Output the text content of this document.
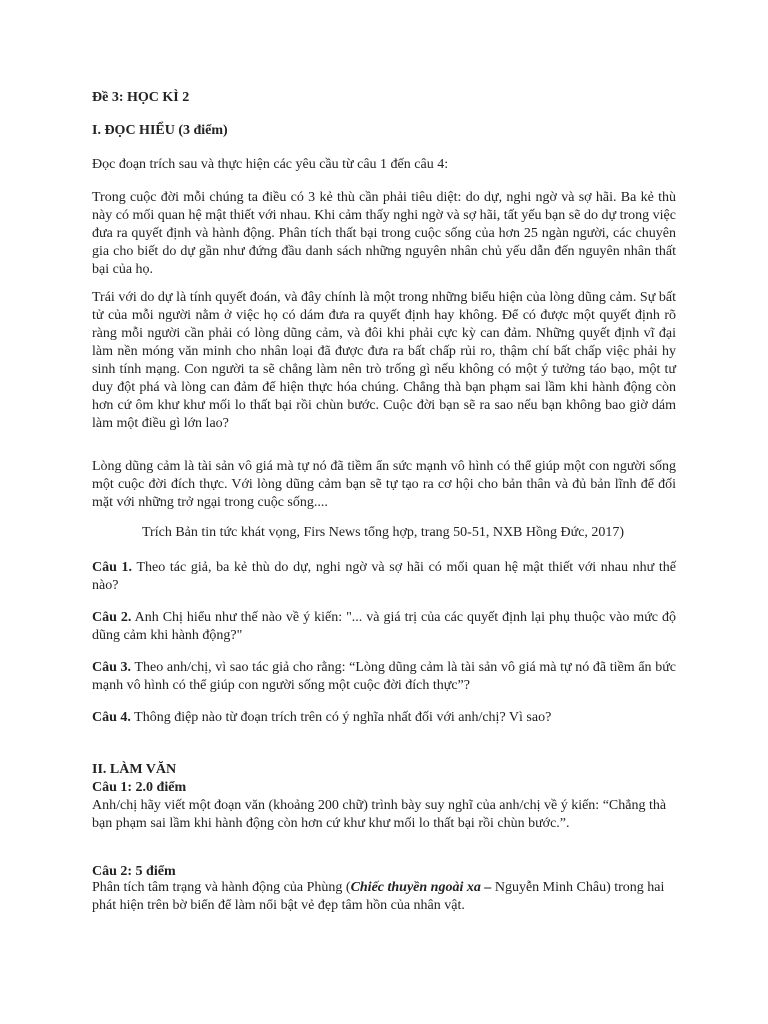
Đề 3: HỌC KÌ 2

I. ĐỌC HIỂU (3 điểm)

Đọc đoạn trích sau và thực hiện các yêu cầu từ câu 1 đến câu 4:

Trong cuộc đời mỗi chúng ta điều có 3 kẻ thù cần phải tiêu diệt: do dự, nghi ngờ và sợ hãi. Ba kẻ thù này có mối quan hệ mật thiết với nhau. Khi cảm thấy nghi ngờ và sợ hãi, tất yếu bạn sẽ do dự trong việc đưa ra quyết định và hành động. Phân tích thất bại trong cuộc sống của hơn 25 ngàn người, các chuyên gia cho biết do dự gần như đứng đầu danh sách những nguyên nhân chủ yếu dẫn đến nguyên nhân thất bại của họ.

Trái với do dự là tính quyết đoán, và đây chính là một trong những biểu hiện của lòng dũng cảm. Sự bất tử của mỗi người nằm ở việc họ có dám đưa ra quyết định hay không. Để có được một quyết định rõ ràng mỗi người cần phải có lòng dũng cảm, và đôi khi phải cực kỳ can đảm. Những quyết định vĩ đại làm nền móng văn minh cho nhân loại đã được đưa ra bất chấp rủi ro, thậm chí bất chấp việc phải hy sinh tính mạng. Con người ta sẽ chẳng làm nên trò trống gì nếu không có một ý tưởng táo bạo, một tư duy đột phá và lòng can đảm để hiện thực hóa chúng. Chẳng thà bạn phạm sai lầm khi hành động còn hơn cứ ôm khư khư mối lo thất bại rồi chùn bước. Cuộc đời bạn sẽ ra sao nếu bạn không bao giờ dám làm một điều gì lớn lao?

Lòng dũng cảm là tài sản vô giá mà tự nó đã tiềm ẩn sức mạnh vô hình có thể giúp một con người sống một cuộc đời đích thực. Với lòng dũng cảm bạn sẽ tự tạo ra cơ hội cho bản thân và đủ bản lĩnh để đối mặt với những trở ngại trong cuộc sống....

Trích Bản tin tức khát vọng, Firs News tổng hợp, trang 50-51, NXB Hồng Đức, 2017)

Câu 1. Theo tác giả, ba kẻ thù do dự, nghi ngờ và sợ hãi có mối quan hệ mật thiết với nhau như thế nào?

Câu 2. Anh Chị hiểu như thế nào về ý kiến: "... và giá trị của các quyết định lại phụ thuộc vào mức độ dũng cảm khi hành động?"

Câu 3. Theo anh/chị, vì sao tác giả cho rằng: “Lòng dũng cảm là tài sản vô giá mà tự nó đã tiềm ẩn bức mạnh vô hình có thể giúp con người sống một cuộc đời đích thực”?

Câu 4. Thông điệp nào từ đoạn trích trên có ý nghĩa nhất đối với anh/chị? Vì sao?

II. LÀM VĂN
Câu 1: 2.0 điểm

Anh/chị hãy viết một đoạn văn (khoảng 200 chữ) trình bày suy nghĩ của anh/chị về ý kiến: “Chẳng thà bạn phạm sai lầm khi hành động còn hơn cứ khư khư mối lo thất bại rồi chùn bước.”.

Câu 2: 5 điểm

Phân tích tâm trạng và hành động của Phùng (Chiếc thuyền ngoài xa – Nguyễn Minh Châu) trong hai phát hiện trên bờ biển để làm nổi bật vẻ đẹp tâm hồn của nhân vật.
